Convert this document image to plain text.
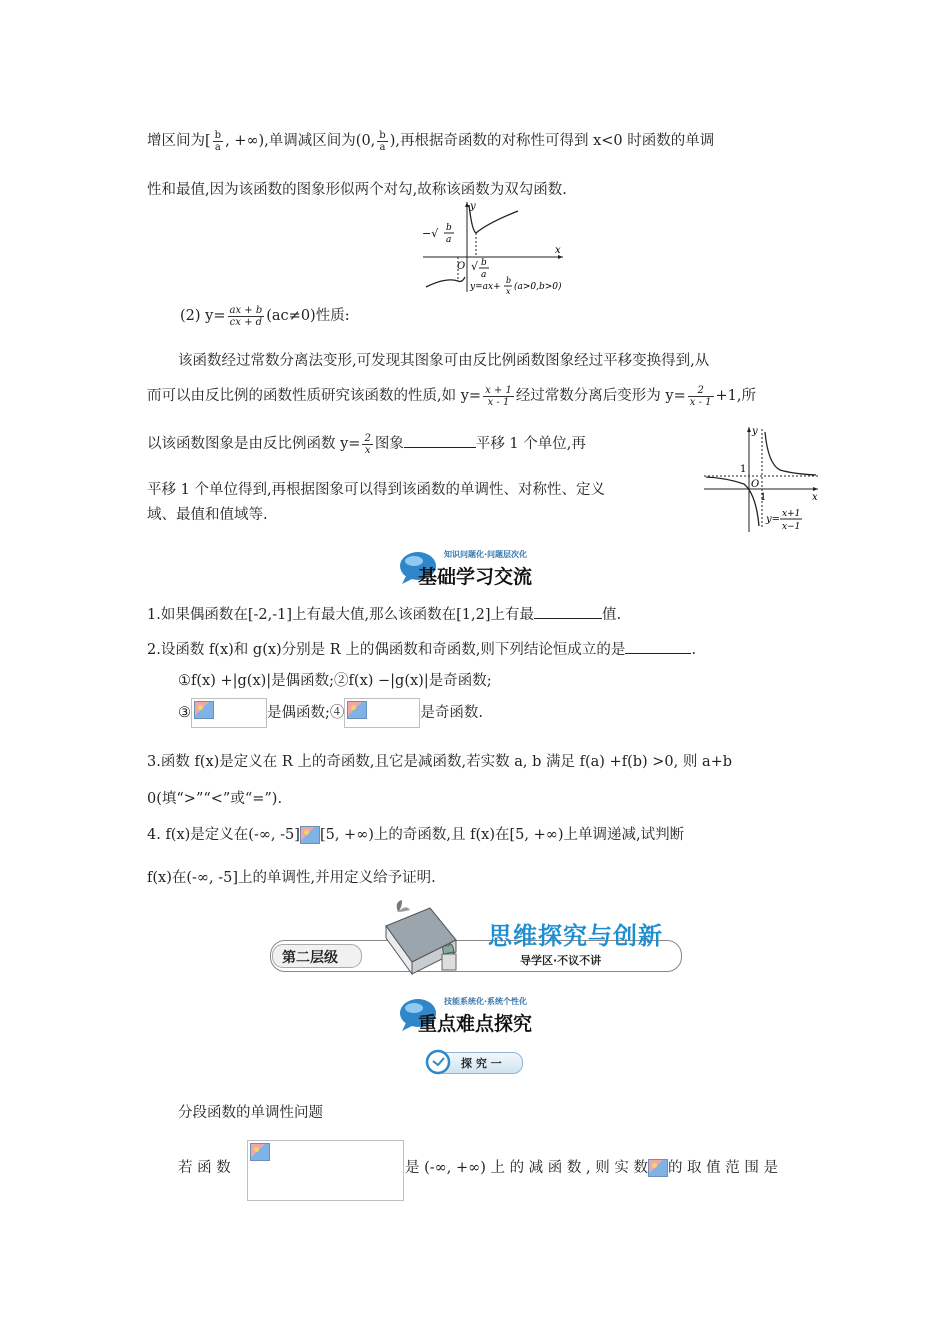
增区间为[ $\frac{b}{a}$ , +∞),单调减区间为(0, $\frac{b}{a}$ ),再根据奇函数的对称性可得到 x<0 时函数的单调
性和最值,因为该函数的图象形似两个对勾,故称该函数为双勾函数.
y
x
O
−√ b
a
√ b
a
y=ax+
b
x (a>0,b>0)
(2) $y= \frac{ax + b}{cx + d} (ac\ne 0)$性质:
该函数经过常数分离法变形,可发现其图象可由反比例函数图象经过平移变换得到,从
而可以由反比例的函数性质研究该函数的性质,如 $y= \frac{x + 1}{x - 1}$ 经过常数分离后变形为 $y= \frac{2}{x - 1} +1$,所
以该函数图象是由反比例函数 $y= \frac{2}{x}$ 图象	平移 1 个单位,再
平移 1 个单位得到,再根据图象可以得到该函数的单调性、对称性、定义
域、最值和值域等.
y
x
1
O
1
y= x+1
x−1
知识问题化·问题层次化
基础学习交流
1.如果偶函数在[-2,-1]上有最大值,那么该函数在[1,2]上有最	值.
2.设函数 f(x)和 g(x)分别是 R 上的偶函数和奇函数,则下列结论恒成立的是	.
①f(x) +|g(x)|是偶函数;②f(x) −|g(x)|是奇函数;
③	是偶函数;④	是奇函数.
3.函数 f(x)是定义在 R 上的奇函数,且它是减函数,若实数 a, b 满足 f(a) +f(b) >0, 则 a+b
0(填“>”“<”或“=”).
4. f(x)是定义在(-∞, -5] [5, +∞)上的奇函数,且 f(x)在[5, +∞)上单调递减,试判断
f(x)在(-∞, -5]上的单调性,并用定义给予证明.
第二层级
思维探究与创新
导学区·不议不讲
技能系统化·系统个性化
重点难点探究
探 究 一
分段函数的单调性问题
若 函 数	是 (-∞, +∞) 上 的 减 函 数 , 则 实 数 的 取 值 范 围 是
